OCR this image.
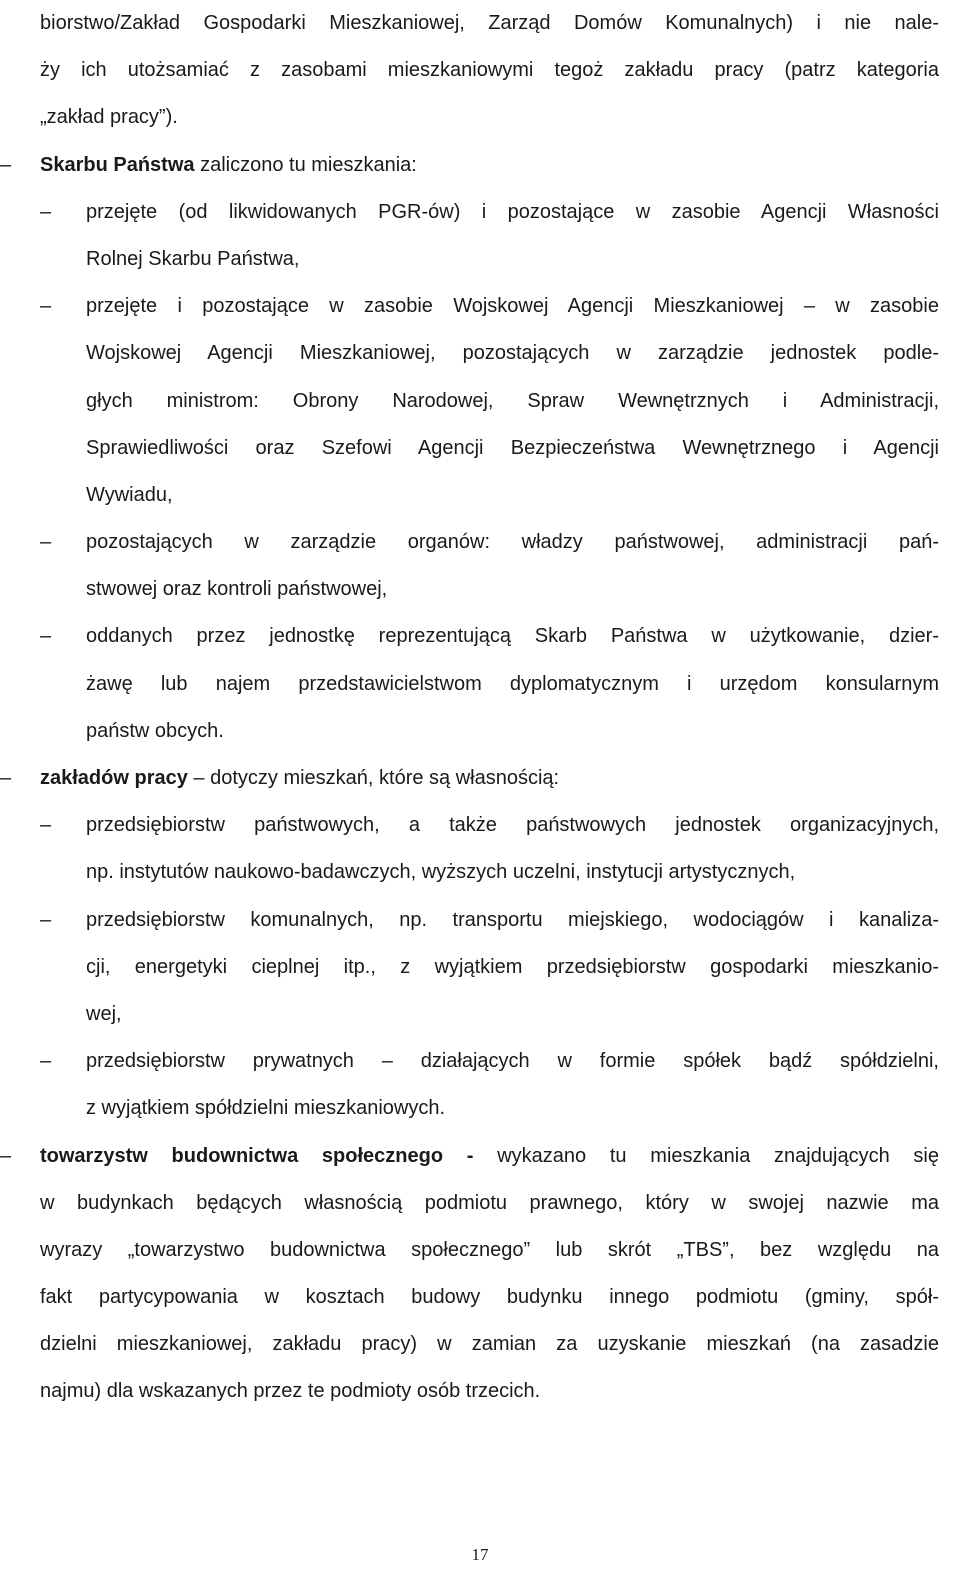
biorstwo/Zakład Gospodarki Mieszkaniowej, Zarząd Domów Komunalnych) i nie nale-
ży ich utożsamiać z zasobami mieszkaniowymi tegoż zakładu pracy (patrz kategoria
„zakład pracy”).
– Skarbu Państwa zaliczono tu mieszkania:
– przejęte (od likwidowanych PGR-ów) i pozostające w zasobie Agencji Własności
Rolnej Skarbu Państwa,
– przejęte i pozostające w zasobie Wojskowej Agencji Mieszkaniowej – w zasobie
Wojskowej Agencji Mieszkaniowej, pozostających w zarządzie jednostek podle-
głych ministrom: Obrony Narodowej, Spraw Wewnętrznych i Administracji,
Sprawiedliwości oraz Szefowi Agencji Bezpieczeństwa Wewnętrznego i Agencji
Wywiadu,
– pozostających w zarządzie organów: władzy państwowej, administracji pań-
stwowej oraz kontroli państwowej,
– oddanych przez jednostkę reprezentującą Skarb Państwa w użytkowanie, dzier-
żawę lub najem przedstawicielstwom dyplomatycznym i urzędom konsularnym
państw obcych.
– zakładów pracy – dotyczy mieszkań, które są własnością:
– przedsiębiorstw państwowych, a także państwowych jednostek organizacyjnych,
np. instytutów naukowo-badawczych, wyższych uczelni, instytucji artystycznych,
– przedsiębiorstw komunalnych, np. transportu miejskiego, wodociągów i kanaliza-
cji, energetyki cieplnej itp., z wyjątkiem przedsiębiorstw gospodarki mieszkanio-
wej,
– przedsiębiorstw prywatnych – działających w formie spółek bądź spółdzielni,
z wyjątkiem spółdzielni mieszkaniowych.
– towarzystw budownictwa społecznego - wykazano tu mieszkania znajdujących się
w budynkach będących własnością podmiotu prawnego, który w swojej nazwie ma
wyrazy „towarzystwo budownictwa społecznego” lub skrót „TBS”, bez względu na
fakt partycypowania w kosztach budowy budynku innego podmiotu (gminy, spół-
dzielni mieszkaniowej, zakładu pracy) w zamian za uzyskanie mieszkań (na zasadzie
najmu) dla wskazanych przez te podmioty osób trzecich.
17
